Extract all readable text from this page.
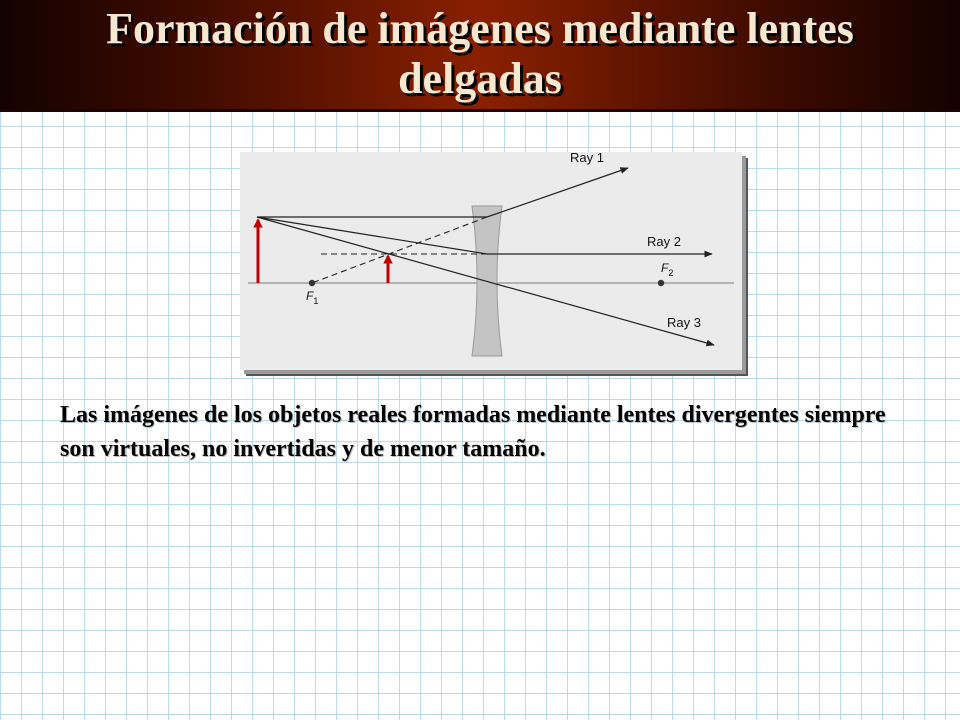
Formación de imágenes mediante lentes delgadas
Ray 1
Ray 2
Ray 3
$F_1$
$F_2$

Las imágenes de los objetos reales formadas mediante lentes divergentes siempre son virtuales, no invertidas y de menor tamaño.
